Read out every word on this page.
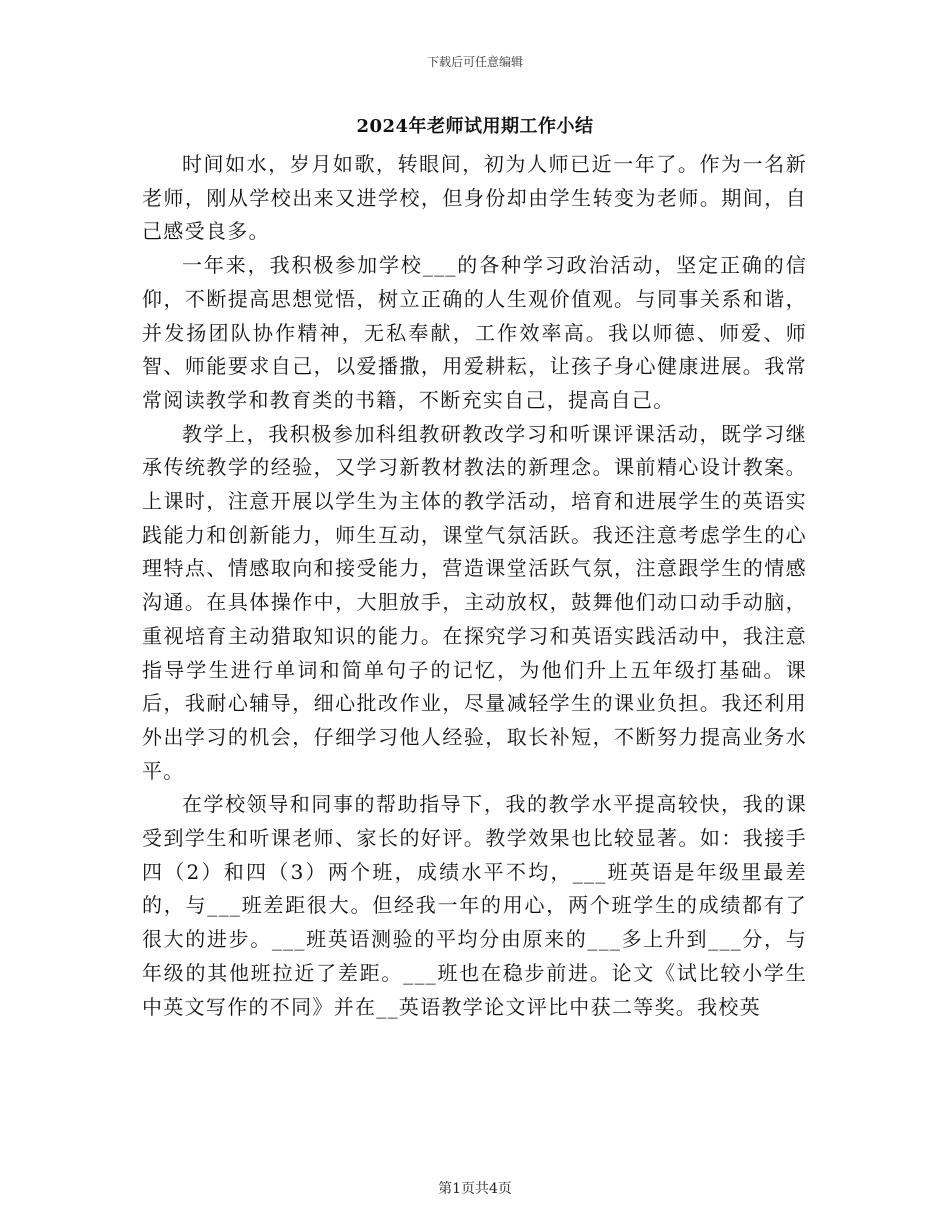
下载后可任意编辑
2024年老师试用期工作小结

时间如水，岁月如歌，转眼间，初为人师已近一年了。作为一名新老师，刚从学校出来又进学校，但身份却由学生转变为老师。期间，自己感受良多。

一年来，我积极参加学校___的各种学习政治活动，坚定正确的信仰，不断提高思想觉悟，树立正确的人生观价值观。与同事关系和谐，并发扬团队协作精神，无私奉献，工作效率高。我以师德、师爱、师智、师能要求自己，以爱播撒，用爱耕耘，让孩子身心健康进展。我常常阅读教学和教育类的书籍，不断充实自己，提高自己。

教学上，我积极参加科组教研教改学习和听课评课活动，既学习继承传统教学的经验，又学习新教材教法的新理念。课前精心设计教案。上课时，注意开展以学生为主体的教学活动，培育和进展学生的英语实践能力和创新能力，师生互动，课堂气氛活跃。我还注意考虑学生的心理特点、情感取向和接受能力，营造课堂活跃气氛，注意跟学生的情感沟通。在具体操作中，大胆放手，主动放权，鼓舞他们动口动手动脑，重视培育主动猎取知识的能力。在探究学习和英语实践活动中，我注意指导学生进行单词和简单句子的记忆，为他们升上五年级打基础。课后，我耐心辅导，细心批改作业，尽量减轻学生的课业负担。我还利用外出学习的机会，仔细学习他人经验，取长补短，不断努力提高业务水平。

在学校领导和同事的帮助指导下，我的教学水平提高较快，我的课受到学生和听课老师、家长的好评。教学效果也比较显著。如：我接手四（2）和四（3）两个班，成绩水平不均，___班英语是年级里最差的，与___班差距很大。但经我一年的用心，两个班学生的成绩都有了很大的进步。___班英语测验的平均分由原来的___多上升到___分，与年级的其他班拉近了差距。___班也在稳步前进。论文《试比较小学生中英文写作的不同》并在__英语教学论文评比中获二等奖。我校英

第1页共4页
